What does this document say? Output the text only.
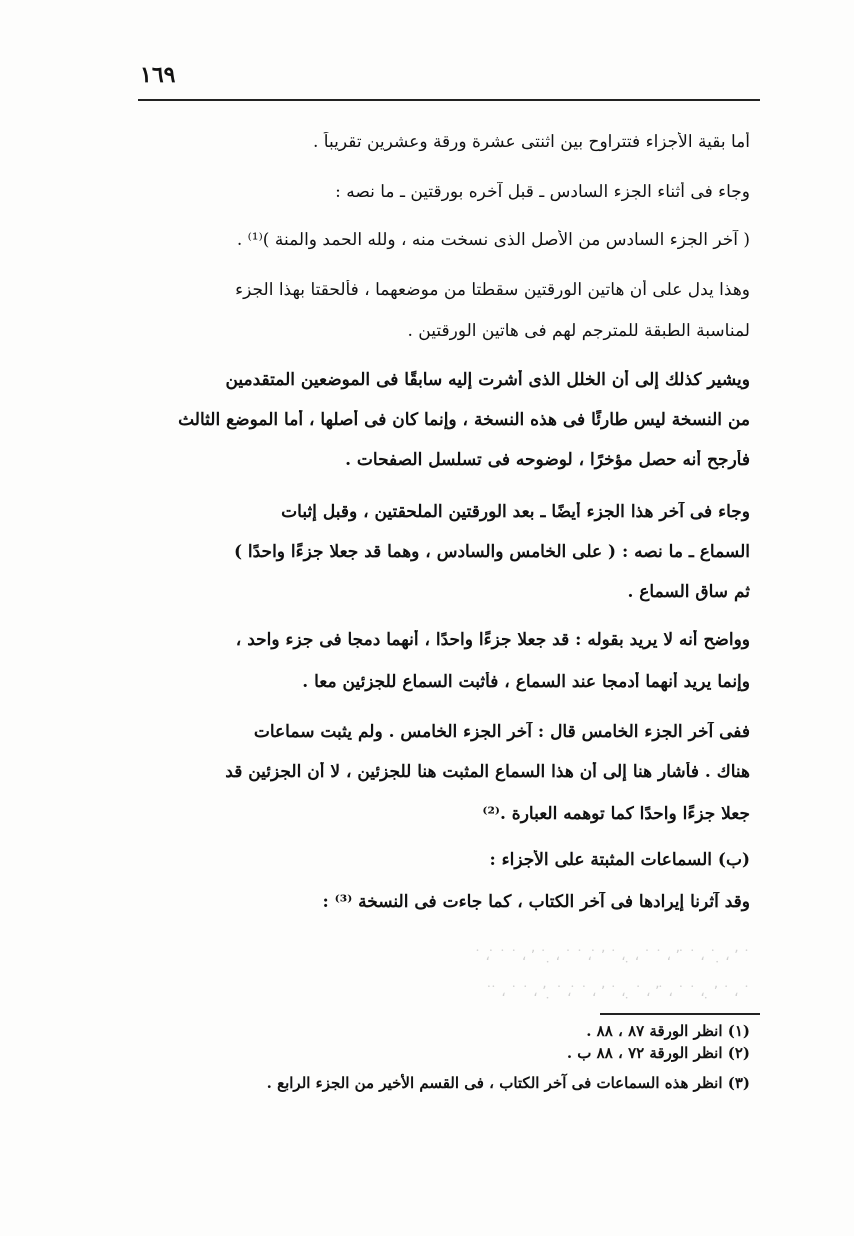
١٦٩
˙ ٬ ، ̣ ˙ ، ˙ ̇ ٬ ، ˙ ˙ ، ̣ ، ˙ ٬ ̇ ، ˙ ˙ ، ̣ ˙ ٬ ، ˙ ˙ ̇ ، ˙
˙ ، ˙ ٬ ̣ ، ˙ ˙ ، ̇ ٬ ، ˙ ̣ ، ˙ ٬ ، ˙ ̇ ، ˙ ̣ ٬ ، ˙ ˙ ، ̇ ˙
أما بقية الأجزاء فتتراوح بين اثنتى عشرة ورقة وعشرين تقريباً .
وجاء فى أثناء الجزء السادس ـ قبل آخره بورقتين ـ ما نصه :
( آخر الجزء السادس من الأصل الذى نسخت منه ، ولله الحمد والمنة )⁽¹⁾ .
وهذا يدل على أن هاتين الورقتين سقطتا من موضعهما ، فألحقتا بهذا الجزء
لمناسبة الطبقة للمترجم لهم فى هاتين الورقتين .
ويشير كذلك إلى أن الخلل الذى أشرت إليه سابقًا فى الموضعين المتقدمين
من النسخة ليس طارئًا فى هذه النسخة ، وإنما كان فى أصلها ، أما الموضع الثالث
فأرجح أنه حصل مؤخرًا ، لوضوحه فى تسلسل الصفحات .
وجاء فى آخر هذا الجزء أيضًا ـ بعد الورقتين الملحقتين ، وقبل إثبات
السماع ـ ما نصه : ( على الخامس والسادس ، وهما قد جعلا جزءًا واحدًا )
ثم ساق السماع .
وواضح أنه لا يريد بقوله : قد جعلا جزءًا واحدًا ، أنهما دمجا فى جزء واحد ،
وإنما يريد أنهما أدمجا عند السماع ، فأثبت السماع للجزئين معا .
ففى آخر الجزء الخامس قال : آخر الجزء الخامس . ولم يثبت سماعات
هناك . فأشار هنا إلى أن هذا السماع المثبت هنا للجزئين ، لا أن الجزئين قد
جعلا جزءًا واحدًا كما توهمه العبارة .⁽²⁾
(ب) السماعات المثبتة على الأجزاء :
وقد آثرنا إيرادها فى آخر الكتاب ، كما جاءت فى النسخة ⁽³⁾ :
(١) انظر الورقة ٨٧ ، ٨٨ .
(٢) انظر الورقة ٧٢ ، ٨٨ ب .
(٣) انظر هذه السماعات فى آخر الكتاب ، فى القسم الأخير من الجزء الرابع .
